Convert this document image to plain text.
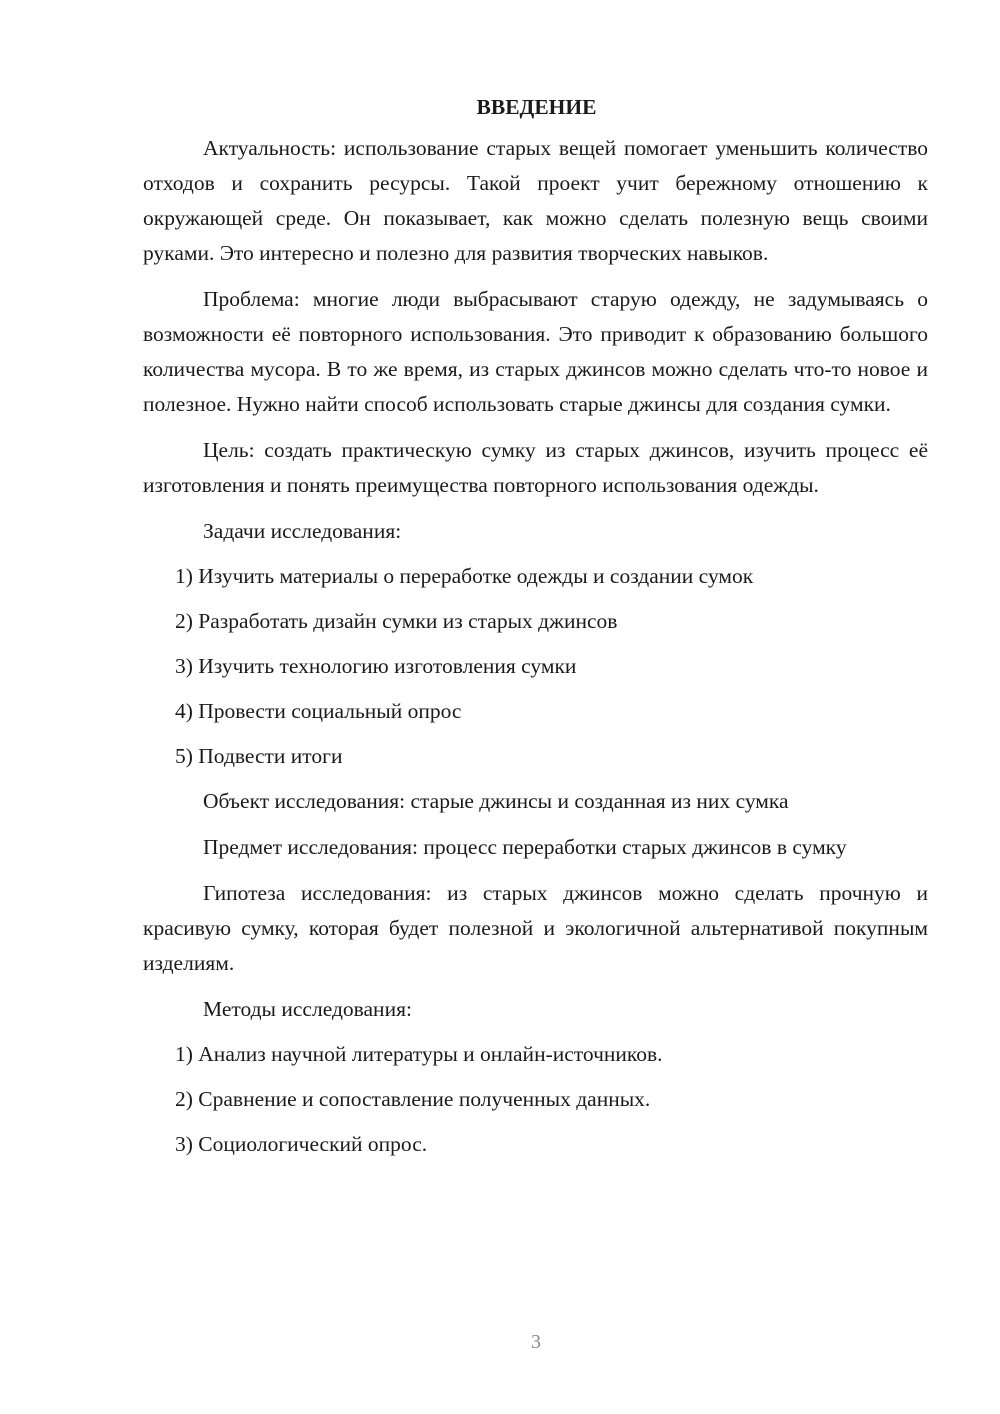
ВВЕДЕНИЕ
Актуальность: использование старых вещей помогает уменьшить количество отходов и сохранить ресурсы. Такой проект учит бережному отношению к окружающей среде. Он показывает, как можно сделать полезную вещь своими руками. Это интересно и полезно для развития творческих навыков.
Проблема: многие люди выбрасывают старую одежду, не задумываясь о возможности её повторного использования. Это приводит к образованию большого количества мусора. В то же время, из старых джинсов можно сделать что-то новое и полезное. Нужно найти способ использовать старые джинсы для создания сумки.
Цель: создать практическую сумку из старых джинсов, изучить процесс её изготовления и понять преимущества повторного использования одежды.
Задачи исследования:
1) Изучить материалы о переработке одежды и создании сумок
2) Разработать дизайн сумки из старых джинсов
3) Изучить технологию изготовления сумки
4) Провести социальный опрос
5) Подвести итоги
Объект исследования: старые джинсы и созданная из них сумка
Предмет исследования: процесс переработки старых джинсов в сумку
Гипотеза исследования: из старых джинсов можно сделать прочную и красивую сумку, которая будет полезной и экологичной альтернативой покупным изделиям.
Методы исследования:
1) Анализ научной литературы и онлайн-источников.
2) Сравнение и сопоставление полученных данных.
3) Социологический опрос.
3
